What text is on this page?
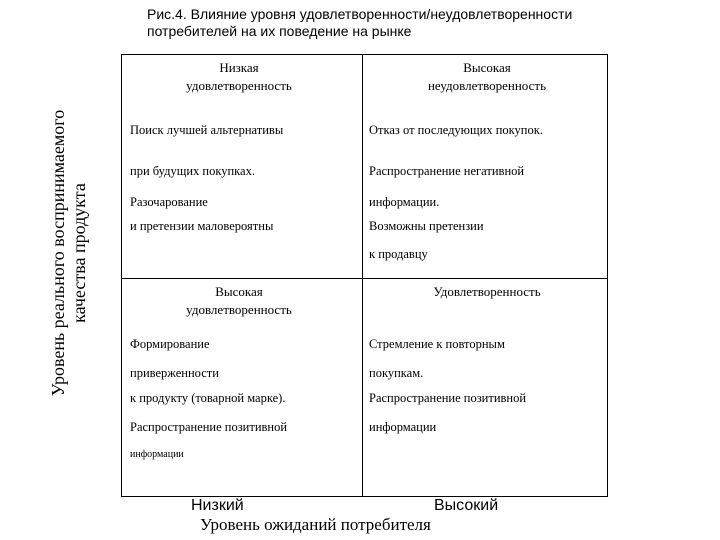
Рис.4. Влияние уровня удовлетворенности/неудовлетворенности
потребителей на их поведение на рынке
Уровень реального воспринимаемого качества продукта
Низкая
удовлетворенность
Поиск лучшей альтернативы
при будущих покупках.
Разочарование
и претензии маловероятны
Высокая
неудовлетворенность
Отказ от последующих покупок.
Распространение негативной
информации.
Возможны претензии
к продавцу
Высокая
удовлетворенность
Формирование
приверженности
к продукту (товарной марке).
Распространение позитивной
информации
Удовлетворенность
Стремление к повторным
покупкам.
Распространение позитивной
информации
Низкий	Высокий
Уровень ожиданий потребителя
